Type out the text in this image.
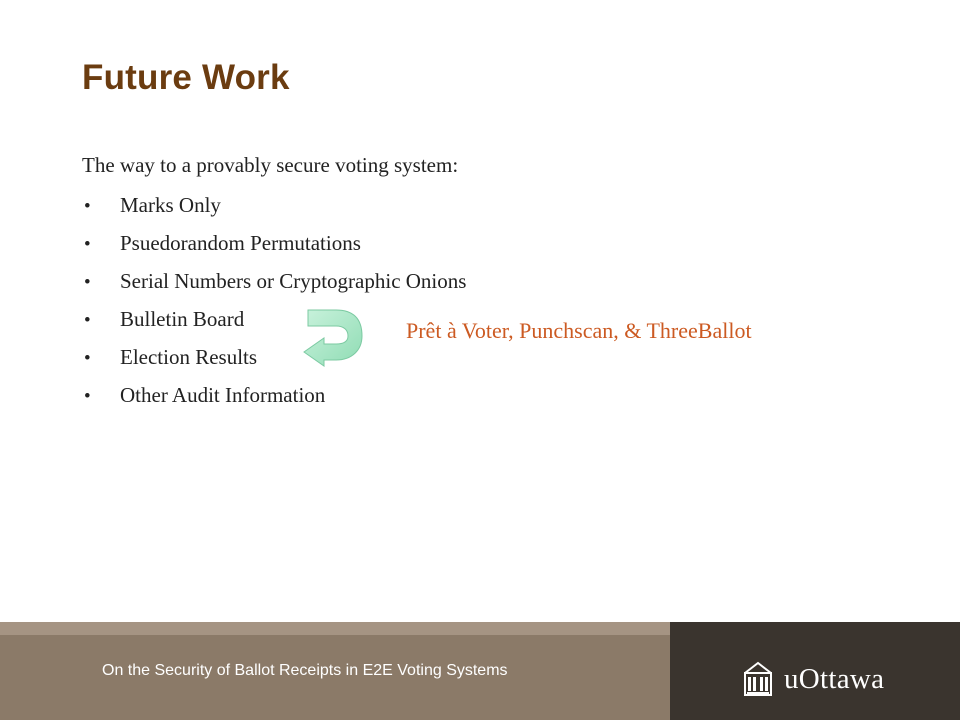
Future Work
The way to a provably secure voting system:
• Marks Only
• Psuedorandom Permutations
• Serial Numbers or Cryptographic Onions
• Bulletin Board
• Election Results
• Other Audit Information
Prêt à Voter, Punchscan, & ThreeBallot
On the Security of Ballot Receipts in E2E Voting Systems	uOttawa
